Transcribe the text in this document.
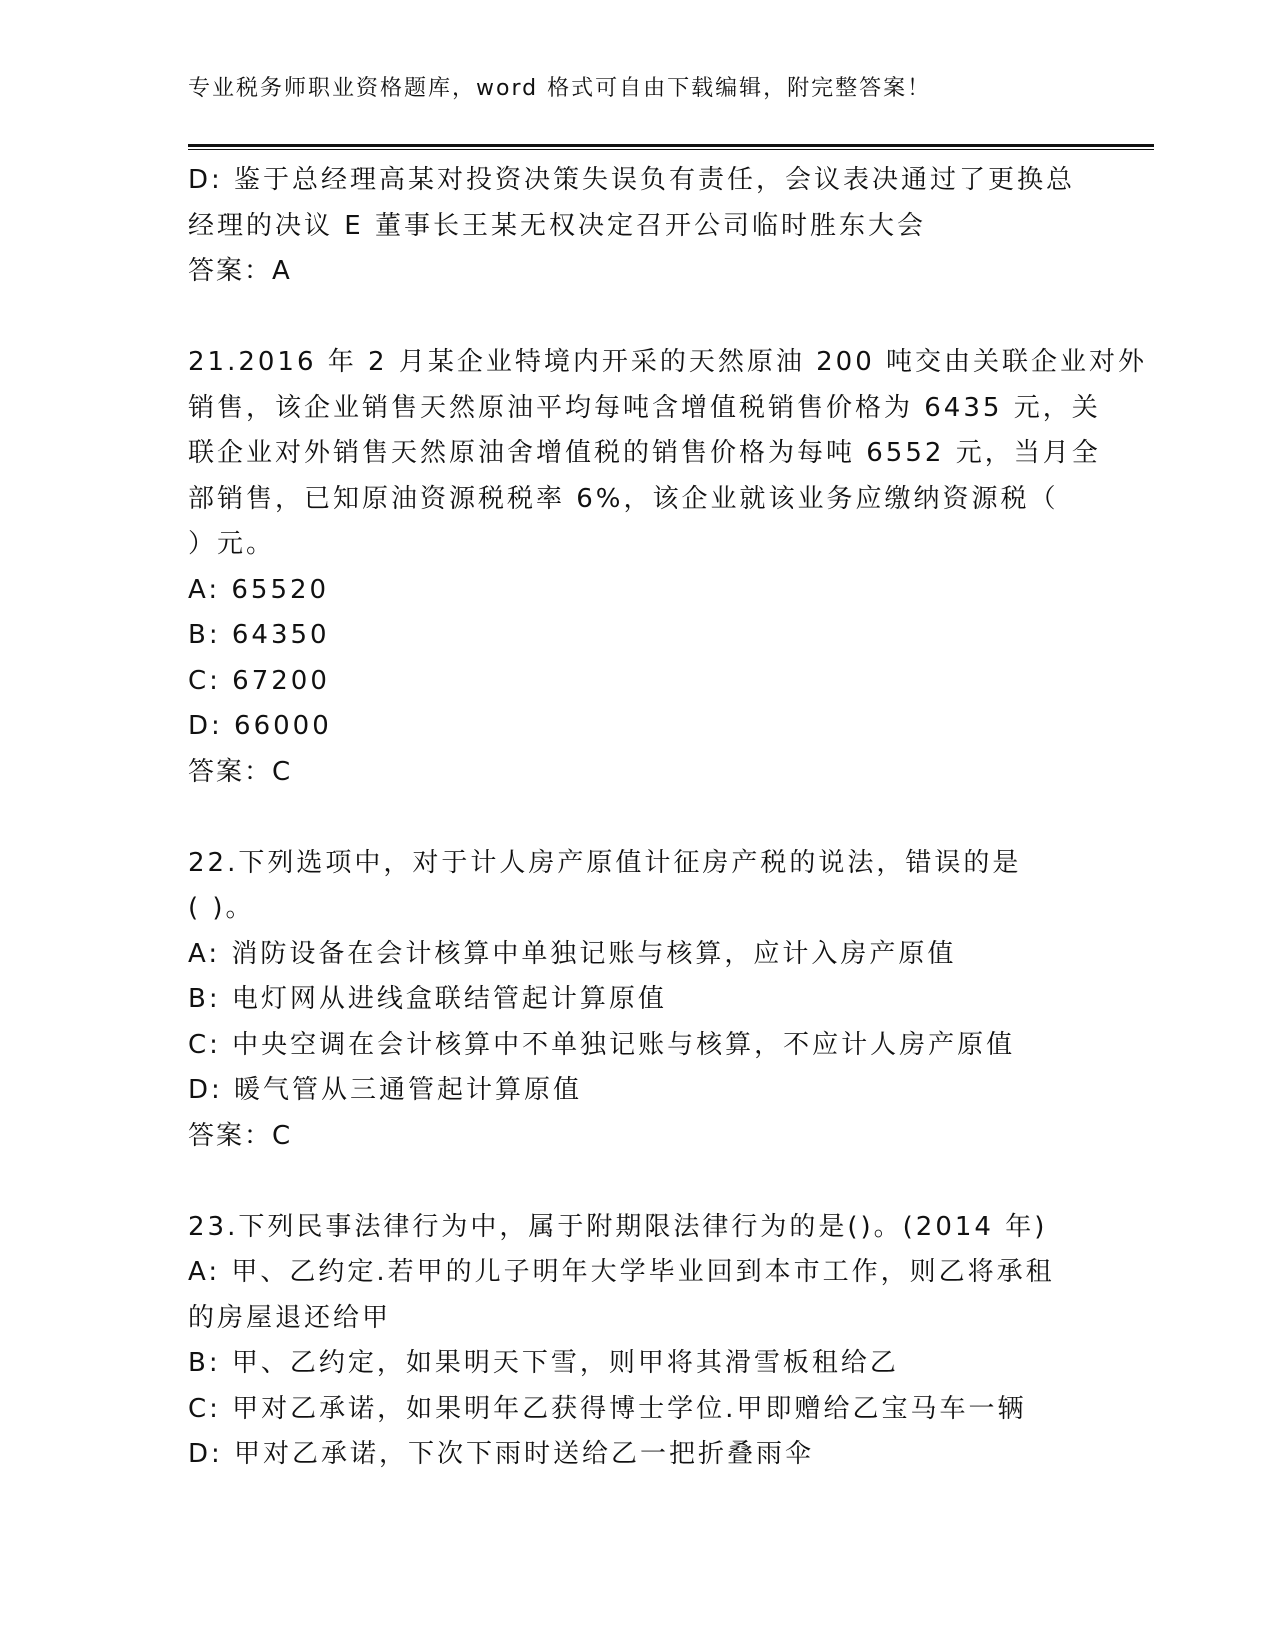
专业税务师职业资格题库，word 格式可自由下载编辑，附完整答案！
D: 鉴于总经理高某对投资决策失误负有责任，会议表决通过了更换总
经理的决议 E 董事长王某无权决定召开公司临时胜东大会
答案：A
21.2016 年 2 月某企业特境内开采的天然原油 200 吨交由关联企业对外
销售，该企业销售天然原油平均每吨含增值税销售价格为 6435 元，关
联企业对外销售天然原油舍增值税的销售价格为每吨 6552 元，当月全
部销售，已知原油资源税税率 6%，该企业就该业务应缴纳资源税（
）元。
A: 65520
B: 64350
C: 67200
D: 66000
答案：C
22.下列选项中，对于计人房产原值计征房产税的说法，错误的是
( )。
A: 消防设备在会计核算中单独记账与核算，应计入房产原值
B: 电灯网从进线盒联结管起计算原值
C: 中央空调在会计核算中不单独记账与核算，不应计人房产原值
D: 暖气管从三通管起计算原值
答案：C
23.下列民事法律行为中，属于附期限法律行为的是()。(2014 年)
A: 甲、乙约定.若甲的儿子明年大学毕业回到本市工作，则乙将承租
的房屋退还给甲
B: 甲、乙约定，如果明天下雪，则甲将其滑雪板租给乙
C: 甲对乙承诺，如果明年乙获得博士学位.甲即赠给乙宝马车一辆
D: 甲对乙承诺，下次下雨时送给乙一把折叠雨伞
